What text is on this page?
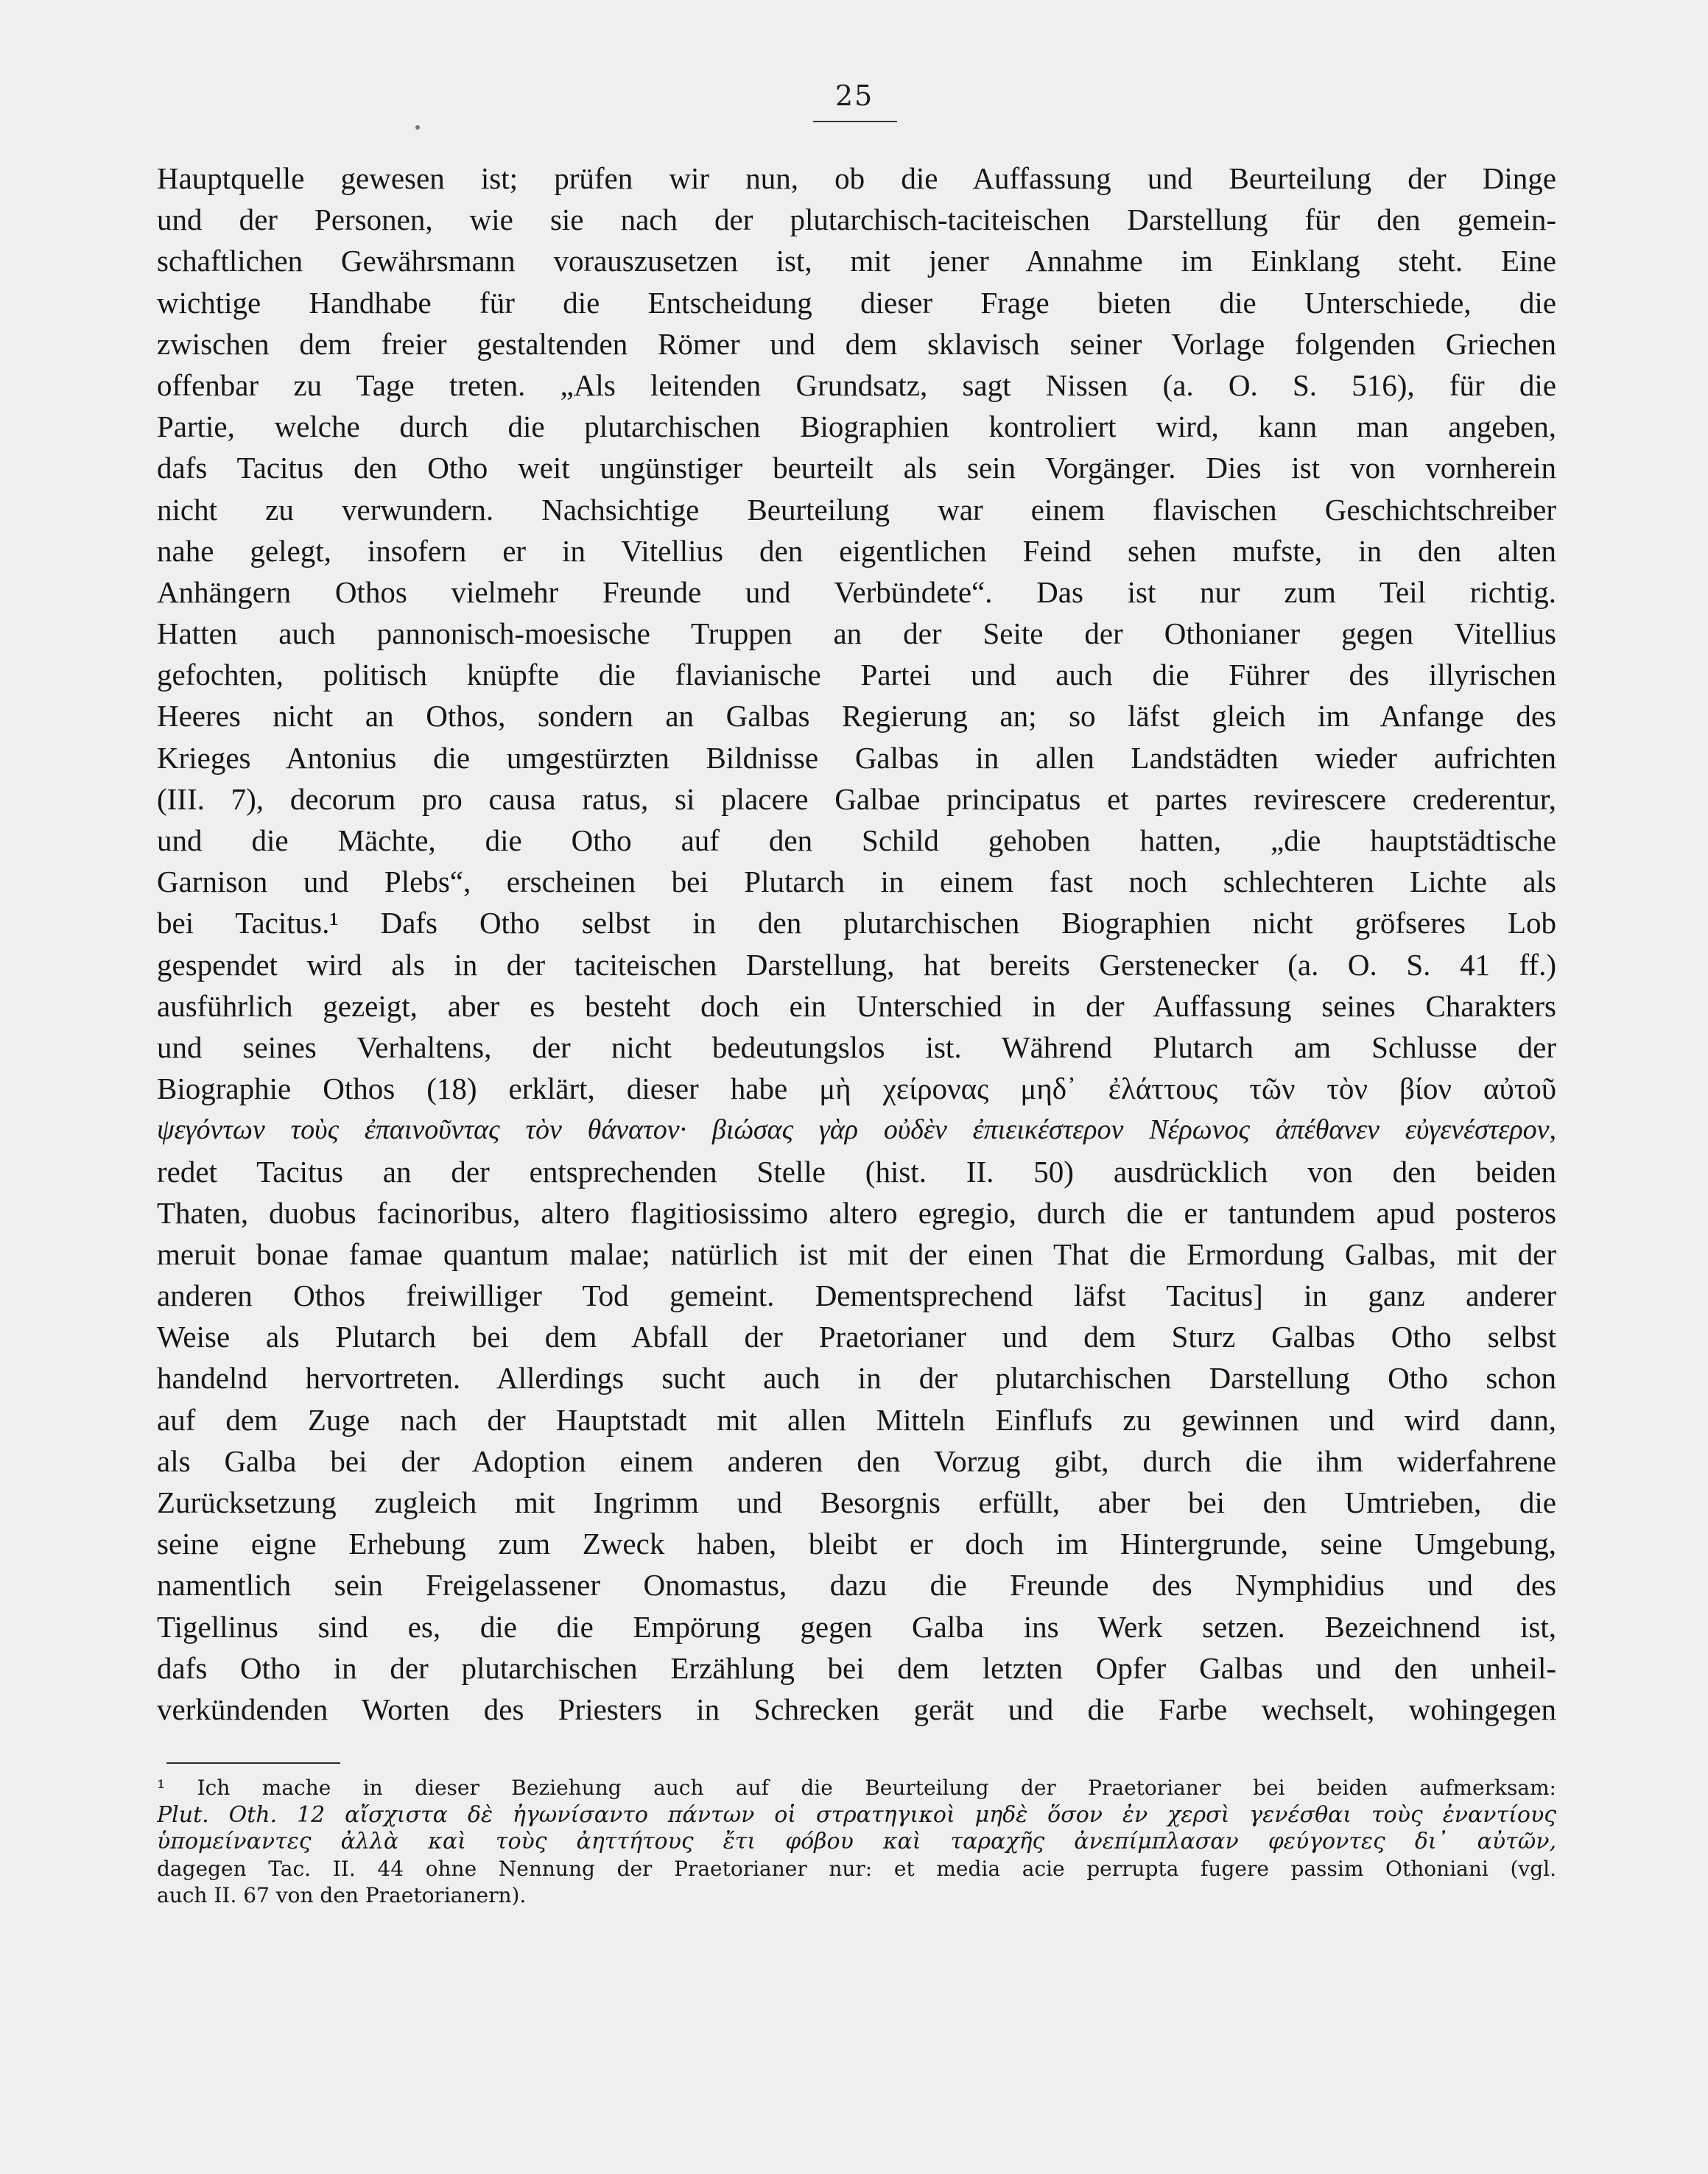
25
Hauptquelle gewesen ist; prüfen wir nun, ob die Auffassung und Beurteilung der Dinge
und der Personen, wie sie nach der plutarchisch-taciteischen Darstellung für den gemein-
schaftlichen Gewährsmann vorauszusetzen ist, mit jener Annahme im Einklang steht. Eine
wichtige Handhabe für die Entscheidung dieser Frage bieten die Unterschiede, die
zwischen dem freier gestaltenden Römer und dem sklavisch seiner Vorlage folgenden Griechen
offenbar zu Tage treten. „Als leitenden Grundsatz, sagt Nissen (a. O. S. 516), für die
Partie, welche durch die plutarchischen Biographien kontroliert wird, kann man angeben,
dafs Tacitus den Otho weit ungünstiger beurteilt als sein Vorgänger. Dies ist von vornherein
nicht zu verwundern. Nachsichtige Beurteilung war einem flavischen Geschichtschreiber
nahe gelegt, insofern er in Vitellius den eigentlichen Feind sehen mufste, in den alten
Anhängern Othos vielmehr Freunde und Verbündete“. Das ist nur zum Teil richtig.
Hatten auch pannonisch-moesische Truppen an der Seite der Othonianer gegen Vitellius
gefochten, politisch knüpfte die flavianische Partei und auch die Führer des illyrischen
Heeres nicht an Othos, sondern an Galbas Regierung an; so läfst gleich im Anfange des
Krieges Antonius die umgestürzten Bildnisse Galbas in allen Landstädten wieder aufrichten
(III. 7), decorum pro causa ratus, si placere Galbae principatus et partes revirescere crederentur,
und die Mächte, die Otho auf den Schild gehoben hatten, „die hauptstädtische
Garnison und Plebs“, erscheinen bei Plutarch in einem fast noch schlechteren Lichte als
bei Tacitus.¹ Dafs Otho selbst in den plutarchischen Biographien nicht gröfseres Lob
gespendet wird als in der taciteischen Darstellung, hat bereits Gerstenecker (a. O. S. 41 ff.)
ausführlich gezeigt, aber es besteht doch ein Unterschied in der Auffassung seines Charakters
und seines Verhaltens, der nicht bedeutungslos ist. Während Plutarch am Schlusse der
Biographie Othos (18) erklärt, dieser habe μὴ χείρονας μηδ᾽ ἐλάττους τῶν τὸν βίον αὐτοῦ
ψεγόντων τοὺς ἐπαινοῦντας τὸν θάνατον· βιώσας γὰρ οὐδὲν ἐπιεικέστερον Νέρωνος ἀπέθανεν εὐγενέστερον,
redet Tacitus an der entsprechenden Stelle (hist. II. 50) ausdrücklich von den beiden
Thaten, duobus facinoribus, altero flagitiosissimo altero egregio, durch die er tantundem apud posteros
meruit bonae famae quantum malae; natürlich ist mit der einen That die Ermordung Galbas, mit der
anderen Othos freiwilliger Tod gemeint. Dementsprechend läfst Tacitus] in ganz anderer
Weise als Plutarch bei dem Abfall der Praetorianer und dem Sturz Galbas Otho selbst
handelnd hervortreten. Allerdings sucht auch in der plutarchischen Darstellung Otho schon
auf dem Zuge nach der Hauptstadt mit allen Mitteln Einflufs zu gewinnen und wird dann,
als Galba bei der Adoption einem anderen den Vorzug gibt, durch die ihm widerfahrene
Zurücksetzung zugleich mit Ingrimm und Besorgnis erfüllt, aber bei den Umtrieben, die
seine eigne Erhebung zum Zweck haben, bleibt er doch im Hintergrunde, seine Umgebung,
namentlich sein Freigelassener Onomastus, dazu die Freunde des Nymphidius und des
Tigellinus sind es, die die Empörung gegen Galba ins Werk setzen. Bezeichnend ist,
dafs Otho in der plutarchischen Erzählung bei dem letzten Opfer Galbas und den unheil-
verkündenden Worten des Priesters in Schrecken gerät und die Farbe wechselt, wohingegen
¹ Ich mache in dieser Beziehung auch auf die Beurteilung der Praetorianer bei beiden aufmerksam:
Plut. Oth. 12 αἴσχιστα δὲ ἠγωνίσαντο πάντων οἱ στρατηγικοὶ μηδὲ ὅσον ἐν χερσὶ γενέσθαι τοὺς ἐναντίους
ὑπομείναντες ἀλλὰ καὶ τοὺς ἀηττήτους ἔτι φόβου καὶ ταραχῆς ἀνεπίμπλασαν φεύγοντες δι᾽ αὐτῶν,
dagegen Tac. II. 44 ohne Nennung der Praetorianer nur: et media acie perrupta fugere passim Othoniani (vgl.
auch II. 67 von den Praetorianern).
